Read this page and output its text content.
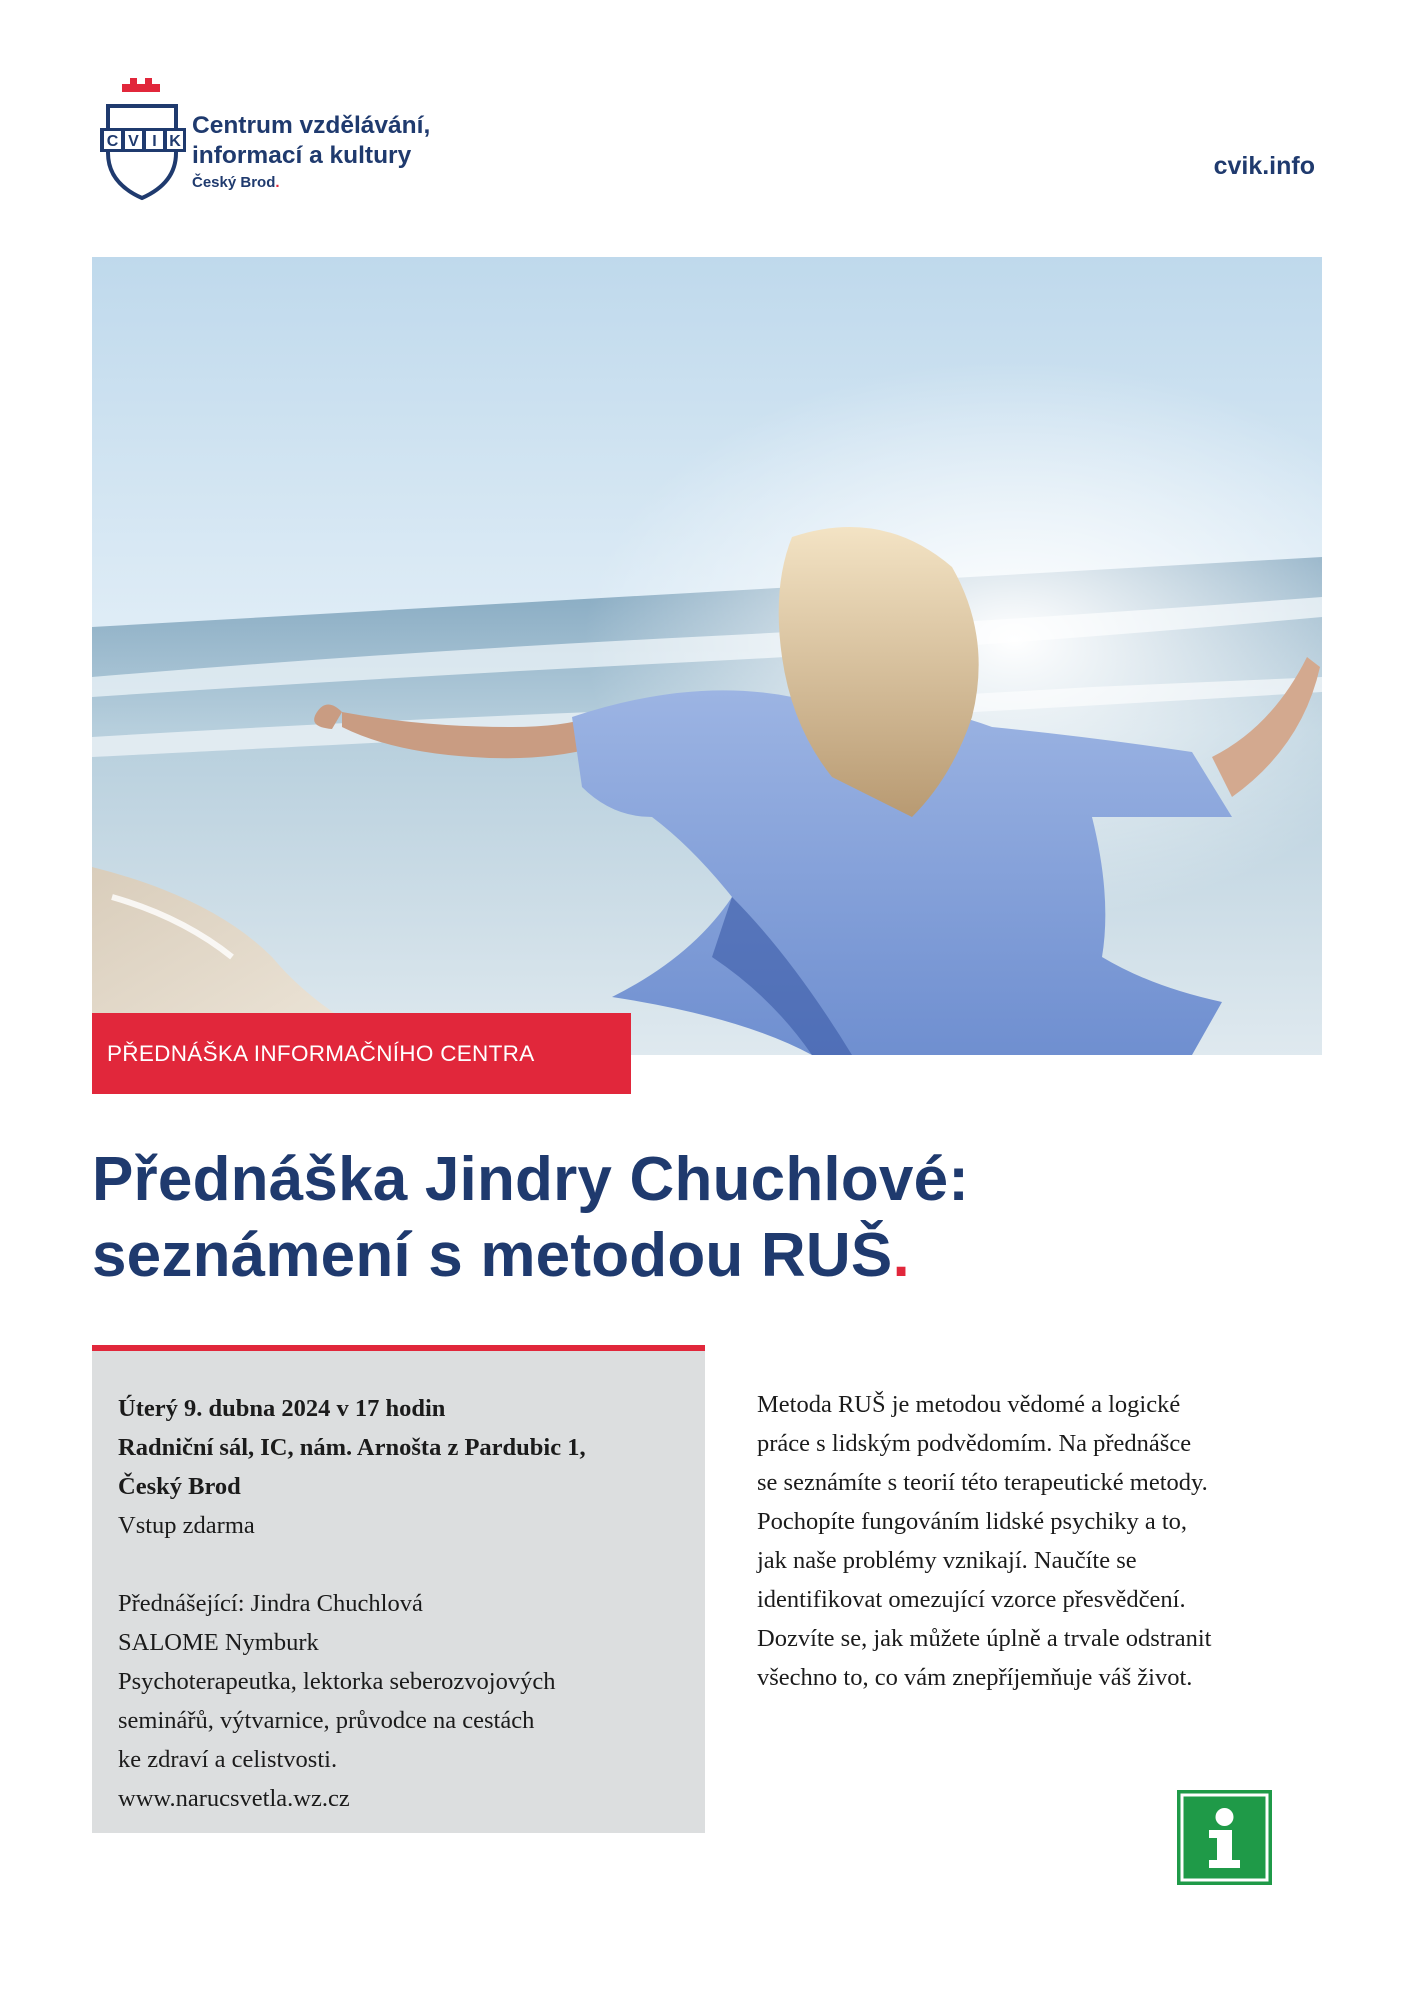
C V I K
Centrum vzdělávání,
informací a kultury
Český Brod.
cvik.info
PŘEDNÁŠKA INFORMAČNÍHO CENTRA
Přednáška Jindry Chuchlové:
seznámení s metodou RUŠ.
Úterý 9. dubna 2024 v 17 hodin
Radniční sál, IC, nám. Arnošta z Pardubic 1,
Český Brod
Vstup zdarma
Přednášející: Jindra Chuchlová
SALOME Nymburk
Psychoterapeutka, lektorka seberozvojových
seminářů, výtvarnice, průvodce na cestách
ke zdraví a celistvosti.
www.narucsvetla.wz.cz
Metoda RUŠ je metodou vědomé a logické
práce s lidským podvědomím. Na přednášce
se seznámíte s teorií této terapeutické metody.
Pochopíte fungováním lidské psychiky a to,
jak naše problémy vznikají. Naučíte se
identifikovat omezující vzorce přesvědčení.
Dozvíte se, jak můžete úplně a trvale odstranit
všechno to, co vám znepříjemňuje váš život.
